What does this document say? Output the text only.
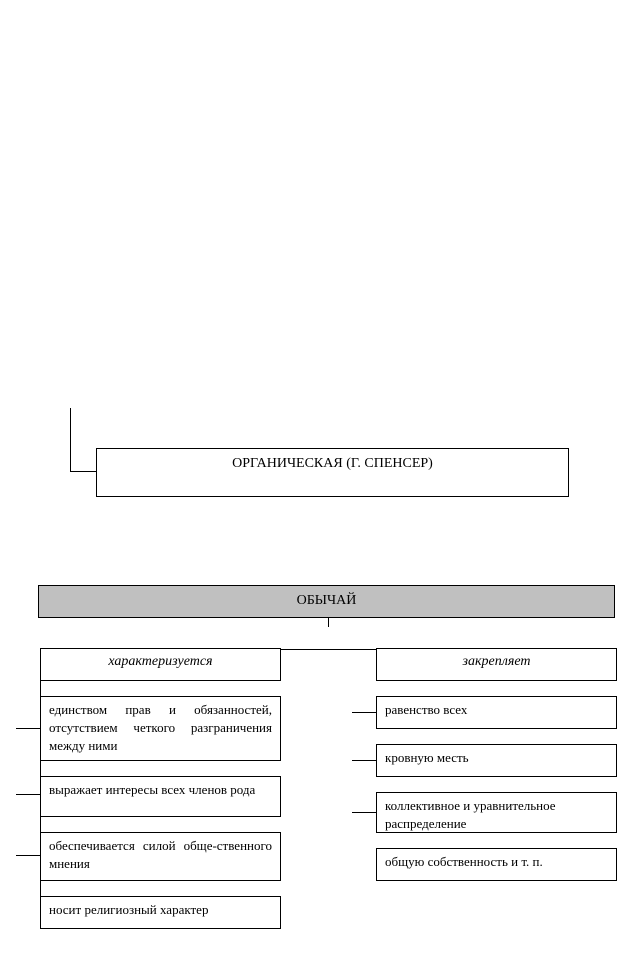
ОРГАНИЧЕСКАЯ (Г. СПЕНСЕР)
ОБЫЧАЙ
характеризуется	закрепляет
единством прав и обязанностей, отсутствием четкого разграничения между ними
выражает интересы всех членов рода
обеспечивается силой обще-ственного мнения
носит религиозный характер
равенство всех
кровную месть
коллективное и уравнительное распределение
общую собственность и т. п.
